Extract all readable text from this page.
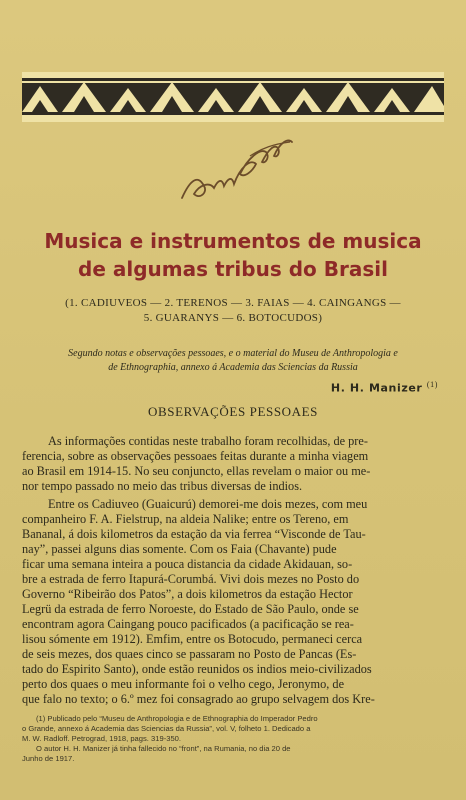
Musica e instrumentos de musica
de algumas tribus do Brasil
(1. CADIUVEOS — 2. TERENOS — 3. FAIAS — 4. CAINGANGS —
5. GUARANYS — 6. BOTOCUDOS)
Segundo notas e observações pessoaes, e o material do Museu de Anthropologia e
de Ethnographia, annexo á Academia das Sciencias da Russia
H. H. Manizer $^{(1)}$
OBSERVAÇÕES PESSOAES
As informações contidas neste trabalho foram recolhidas, de pre-
ferencia, sobre as observações pessoaes feitas durante a minha viagem
ao Brasil em 1914-15. No seu conjuncto, ellas revelam o maior ou me-
nor tempo passado no meio das tribus diversas de indios.
Entre os Cadiuveo (Guaicurú) demorei-me dois mezes, com meu
companheiro F. A. Fielstrup, na aldeia Nalike; entre os Tereno, em
Bananal, á dois kilometros da estação da via ferrea “Visconde de Tau-
nay”, passei alguns dias somente. Com os Faia (Chavante) pude
ficar uma semana inteira a pouca distancia da cidade Akidauan, so-
bre a estrada de ferro Itapurá-Corumbá. Vivi dois mezes no Posto do
Governo “Ribeirão dos Patos”, a dois kilometros da estação Hector
Legrü da estrada de ferro Noroeste, do Estado de São Paulo, onde se
encontram agora Caingang pouco pacificados (a pacificação se rea-
lisou sómente em 1912). Emfim, entre os Botocudo, permaneci cerca
de seis mezes, dos quaes cinco se passaram no Posto de Pancas (Es-
tado do Espirito Santo), onde estão reunidos os indios meio-civilizados
perto dos quaes o meu informante foi o velho cego, Jeronymo, de
que falo no texto; o 6.º mez foi consagrado ao grupo selvagem dos Kre-
(1) Publicado pelo “Museu de Anthropologia e de Ethnographia do Imperador Pedro
o Grande, annexo á Academia das Sciencias da Russia”, vol. V, folheto 1. Dedicado a
M. W. Radloff. Petrograd, 1918, pags. 319-350.
O autor H. H. Manizer já tinha fallecido no “front”, na Rumania, no dia 20 de
Junho de 1917.
